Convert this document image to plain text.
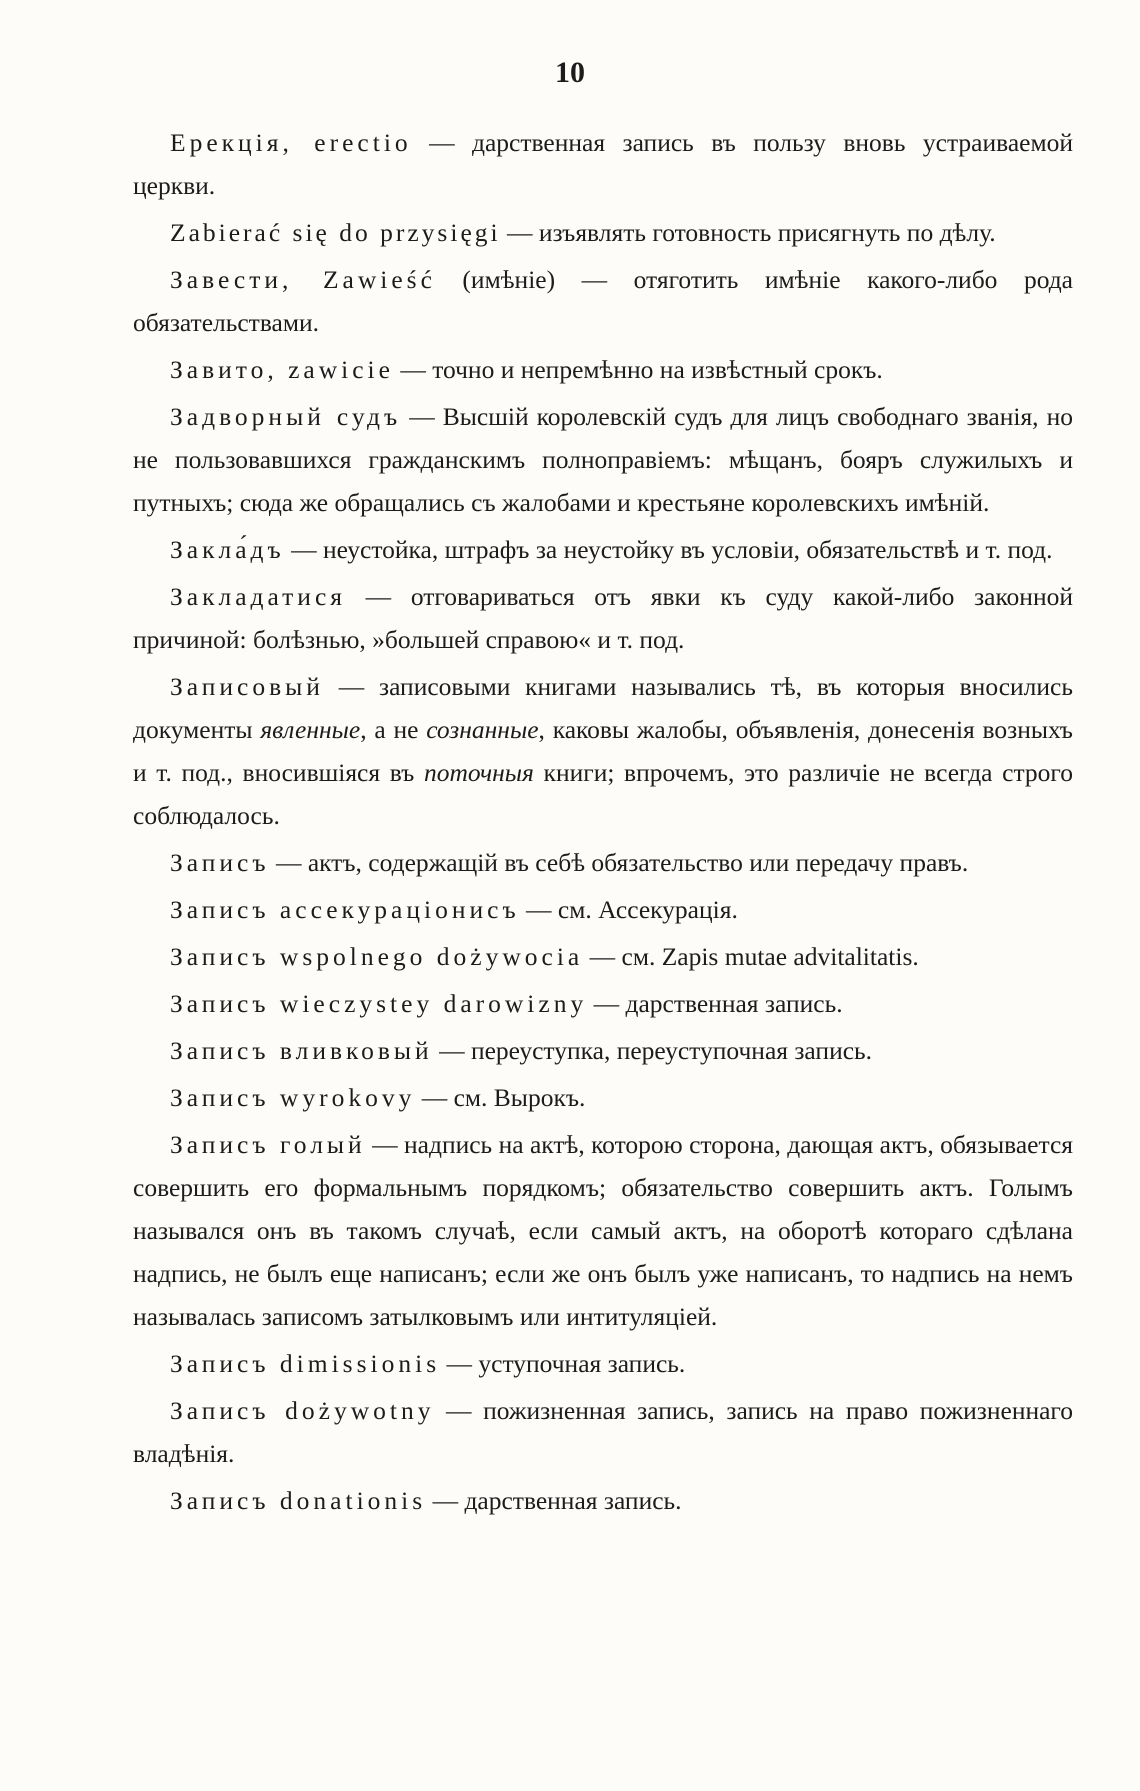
10

Ерекція, erectio — дарственная запись въ пользу вновь устраиваемой церкви.

Zabierać się do przysięgi — изъявлять готовность присягнуть по дѣлу.

Завести, Zawieść (имѣніе) — отяготить имѣніе какого-либо рода обязательствами.

Завито, zawicie — точно и непремѣнно на извѣстный срокъ.

Задворный судъ — Высшій королевскій судъ для лицъ свободнаго званія, но не пользовавшихся гражданскимъ полноправіемъ: мѣщанъ, бояръ служилыхъ и путныхъ; сюда же обращались съ жалобами и крестьяне королевскихъ имѣній.

Закла́дъ — неустойка, штрафъ за неустойку въ условіи, обязательствѣ и т. под.

Закладатися — отговариваться отъ явки къ суду какой-либо законной причиной: болѣзнью, »большей справою« и т. под.

Записовый — записовыми книгами назывались тѣ, въ которыя вносились документы явленные, а не сознанные, каковы жалобы, объявленія, донесенія возныхъ и т. под., вносившіяся въ поточныя книги; впрочемъ, это различіе не всегда строго соблюдалось.

Записъ — актъ, содержащій въ себѣ обязательство или передачу правъ.

Записъ ассекураціонисъ — см. Ассекурація.

Записъ wspolnego dożywocia — см. Zapis mutae advitalitatis.

Записъ wieczystey darowizny — дарственная запись.

Записъ вливковый — переуступка, переуступочная запись.

Записъ wyrokovy — см. Вырокъ.

Записъ голый — надпись на актѣ, которою сторона, дающая актъ, обязывается совершить его формальнымъ порядкомъ; обязательство совершить актъ. Голымъ назывался онъ въ такомъ случаѣ, если самый актъ, на оборотѣ котораго сдѣлана надпись, не былъ еще написанъ; если же онъ былъ уже написанъ, то надпись на немъ называлась записомъ затылковымъ или интитуляціей.

Записъ dimissionis — уступочная запись.

Записъ dożywotny — пожизненная запись, запись на право пожизненнаго владѣнія.

Записъ donationis — дарственная запись.
